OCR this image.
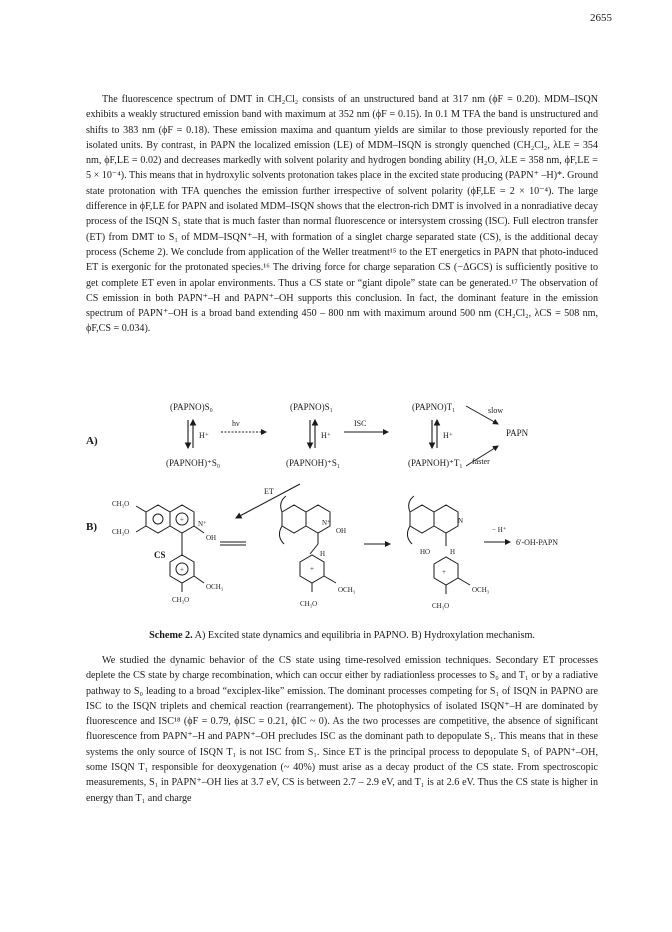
2655

The fluorescence spectrum of DMT in CH₂Cl₂ consists of an unstructured band at 317 nm (ϕF = 0.20). MDM–ISQN exhibits a weakly structured emission band with maximum at 352 nm (ϕF = 0.15). In 0.1 M TFA the band is unstructured and shifts to 383 nm (ϕF = 0.18). These emission maxima and quantum yields are similar to those previously reported for the isolated units. By contrast, in PAPN the localized emission (LE) of MDM–ISQN is strongly quenched (CH₂Cl₂, λLE = 354 nm, ϕF,LE = 0.02) and decreases markedly with solvent polarity and hydrogen bonding ability (H₂O, λLE = 358 nm, ϕF,LE = 5 × 10⁻⁴). This means that in hydroxylic solvents protonation takes place in the excited state producing (PAPN⁺ –H)*. Ground state protonation with TFA quenches the emission further irrespective of solvent polarity (ϕF,LE = 2 × 10⁻⁴). The large difference in ϕF,LE for PAPN and isolated MDM–ISQN shows that the electron-rich DMT is involved in a nonradiative decay process of the ISQN S₁ state that is much faster than normal fluorescence or intersystem crossing (ISC). Full electron transfer (ET) from DMT to S₁ of MDM–ISQN⁺–H, with formation of a singlet charge separated state (CS), is the additional decay process (Scheme 2). We conclude from application of the Weller treatment¹⁵ to the ET energetics in PAPN that photo-induced ET is exergonic for the protonated species.¹⁶ The driving force for charge separation CS (−ΔGCS) is sufficiently positive to get complete ET even in apolar environments. Thus a CS state or “giant dipole” state can be generated.¹⁷ The observation of CS emission in both PAPN⁺–H and PAPN⁺–OH supports this conclusion. In fact, the dominant feature in the emission spectrum of PAPN⁺–OH is a broad band extending 450 – 800 nm with maximum around 500 nm (CH₂Cl₂, λCS = 508 nm, ϕF,CS = 0.034).

A)
(PAPNO)S₀	(PAPNO)S₁	(PAPNO)T₁
H⁺	H⁺	H⁺
hν	ISC
slow
PAPN
faster
(PAPNOH)⁺S₀	(PAPNOH)⁺S₁	(PAPNOH)⁺T₁
ET
B)
+
+
CH₃O
CH₃O
N⁺
OH
CS
OCH₃
CH₃O
+
N⁺
OH
H
OCH₃
CH₃O
+
N
HO	H
OCH₃
CH₃O
− H⁺
6'-OH-PAPN
Scheme 2. A) Excited state dynamics and equilibria in PAPNO. B) Hydroxylation mechanism.

We studied the dynamic behavior of the CS state using time-resolved emission techniques. Secondary ET processes deplete the CS state by charge recombination, which can occur either by radiationless processes to S₀ and T₁ or by a radiative pathway to S₀ leading to a broad “exciplex-like” emission. The dominant processes competing for S₁ of ISQN in PAPNO are ISC to the ISQN triplets and chemical reaction (rearrangement). The photophysics of isolated ISQN⁺–H are dominated by fluorescence and ISC¹⁸ (ϕF = 0.79, ϕISC = 0.21, ϕIC ~ 0). As the two processes are competitive, the absence of significant fluorescence from PAPN⁺–H and PAPN⁺–OH precludes ISC as the dominant path to depopulate S₁. This means that in these systems the only source of ISQN T₁ is not ISC from S₁. Since ET is the principal process to depopulate S₁ of PAPN⁺–OH, some ISQN T₁ responsible for deoxygenation (~ 40%) must arise as a decay product of the CS state. From spectroscopic measurements, S₁ in PAPN⁺–OH lies at 3.7 eV, CS is between 2.7 – 2.9 eV, and T₁ is at 2.6 eV. Thus the CS state is higher in energy than T₁ and charge
